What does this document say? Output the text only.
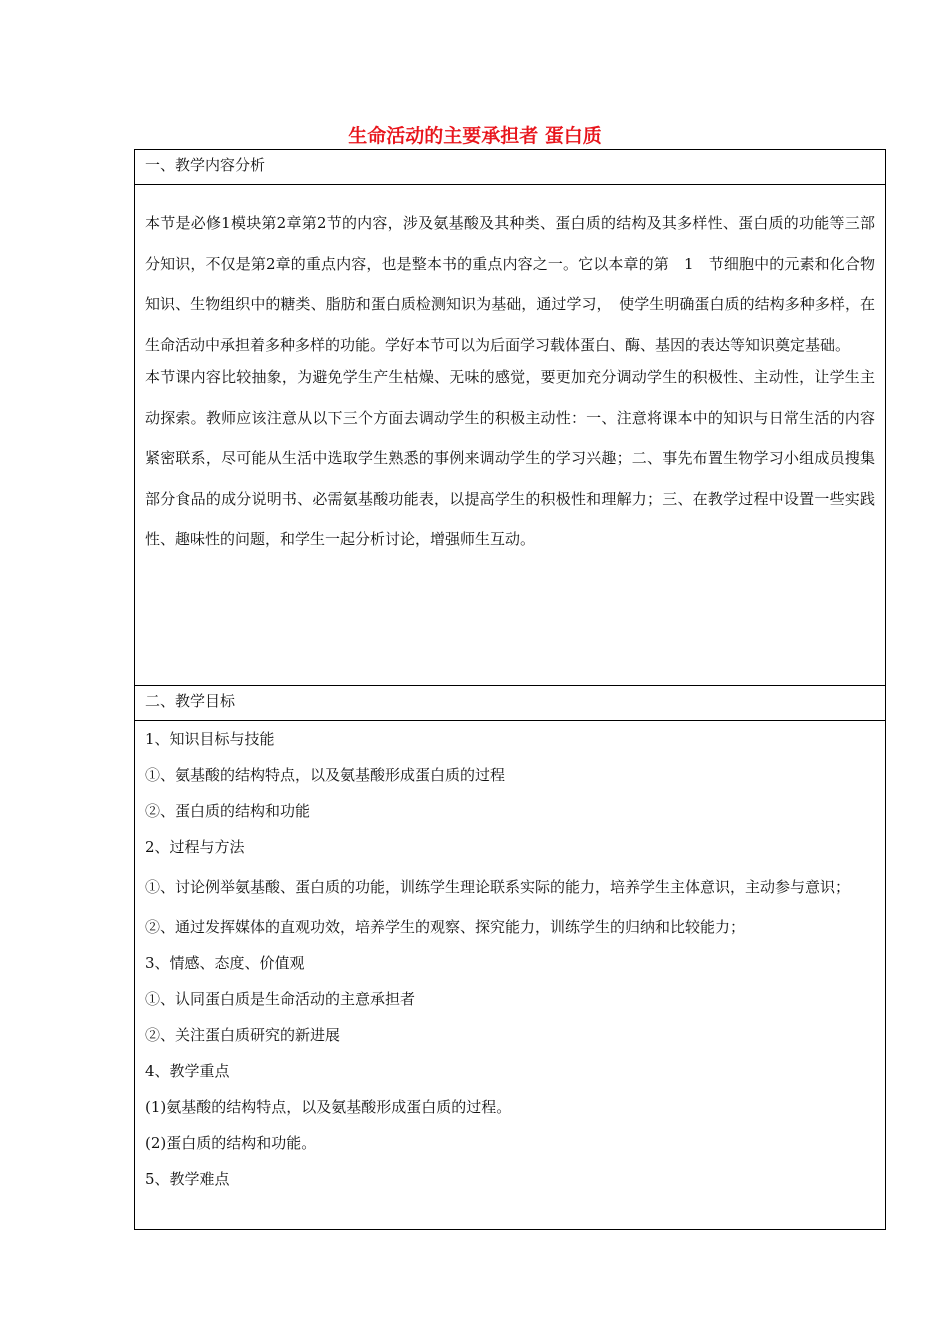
生命活动的主要承担者 蛋白质
一、教学内容分析

本节是必修1模块第2章第2节的内容，涉及氨基酸及其种类、蛋白质的结构及其多样性、蛋白质的功能等三部分知识，不仅是第2章的重点内容，也是整本书的重点内容之一。它以本章的第　1　节细胞中的元素和化合物知识、生物组织中的糖类、脂肪和蛋白质检测知识为基础，通过学习，　使学生明确蛋白质的结构多种多样，在生命活动中承担着多种多样的功能。学好本节可以为后面学习载体蛋白、酶、基因的表达等知识奠定基础。

本节课内容比较抽象，为避免学生产生枯燥、无味的感觉，要更加充分调动学生的积极性、主动性，让学生主动探索。教师应该注意从以下三个方面去调动学生的积极主动性：一、注意将课本中的知识与日常生活的内容紧密联系，尽可能从生活中选取学生熟悉的事例来调动学生的学习兴趣；二、事先布置生物学习小组成员搜集部分食品的成分说明书、必需氨基酸功能表，以提高学生的积极性和理解力；三、在教学过程中设置一些实践性、趣味性的问题，和学生一起分析讨论，增强师生互动。

二、教学目标

1、知识目标与技能
①、氨基酸的结构特点，以及氨基酸形成蛋白质的过程
②、蛋白质的结构和功能
2、过程与方法
①、讨论例举氨基酸、蛋白质的功能，训练学生理论联系实际的能力，培养学生主体意识，主动参与意识；
②、通过发挥媒体的直观功效，培养学生的观察、探究能力，训练学生的归纳和比较能力；
3、情感、态度、价值观
①、认同蛋白质是生命活动的主意承担者
②、关注蛋白质研究的新进展
4、教学重点
(1)氨基酸的结构特点，以及氨基酸形成蛋白质的过程。
(2)蛋白质的结构和功能。
5、教学难点
